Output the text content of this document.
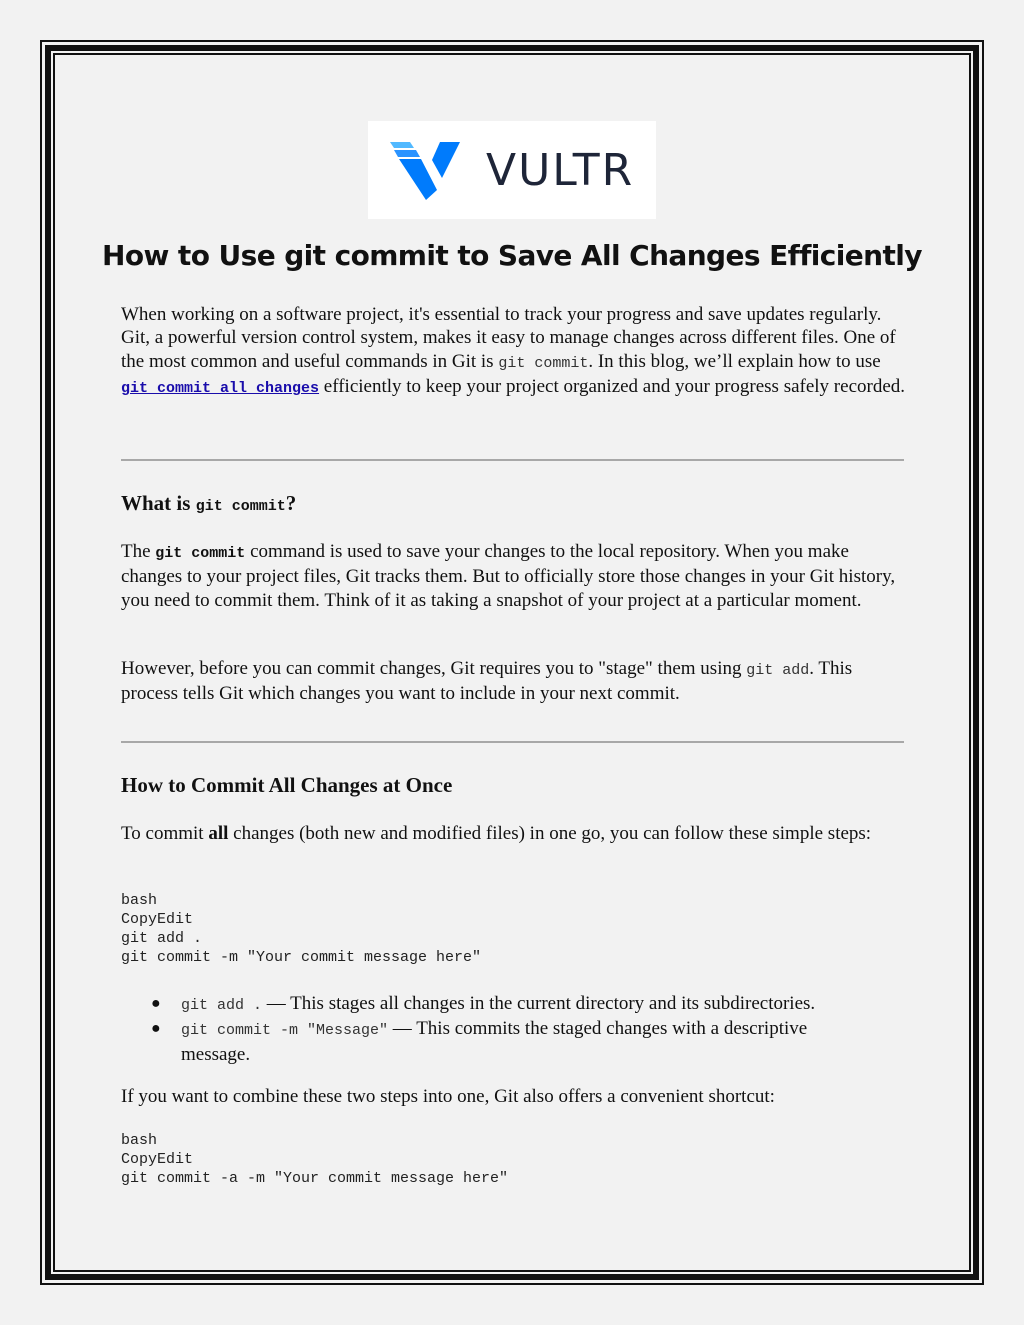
VULTR
How to Use git commit to Save All Changes Efficiently

When working on a software project, it's essential to track your progress and save updates regularly. Git, a powerful version control system, makes it easy to manage changes across different files. One of the most common and useful commands in Git is git commit. In this blog, we’ll explain how to use git commit all changes efficiently to keep your project organized and your progress safely recorded.

What is git commit?

The git commit command is used to save your changes to the local repository. When you make changes to your project files, Git tracks them. But to officially store those changes in your Git history, you need to commit them. Think of it as taking a snapshot of your project at a particular moment.

However, before you can commit changes, Git requires you to "stage" them using git add. This process tells Git which changes you want to include in your next commit.

How to Commit All Changes at Once

To commit all changes (both new and modified files) in one go, you can follow these simple steps:

bash
CopyEdit
git add .
git commit -m "Your commit message here"
● git add . — This stages all changes in the current directory and its subdirectories.
● git commit -m "Message" — This commits the staged changes with a descriptive message.

If you want to combine these two steps into one, Git also offers a convenient shortcut:

bash
CopyEdit
git commit -a -m "Your commit message here"
